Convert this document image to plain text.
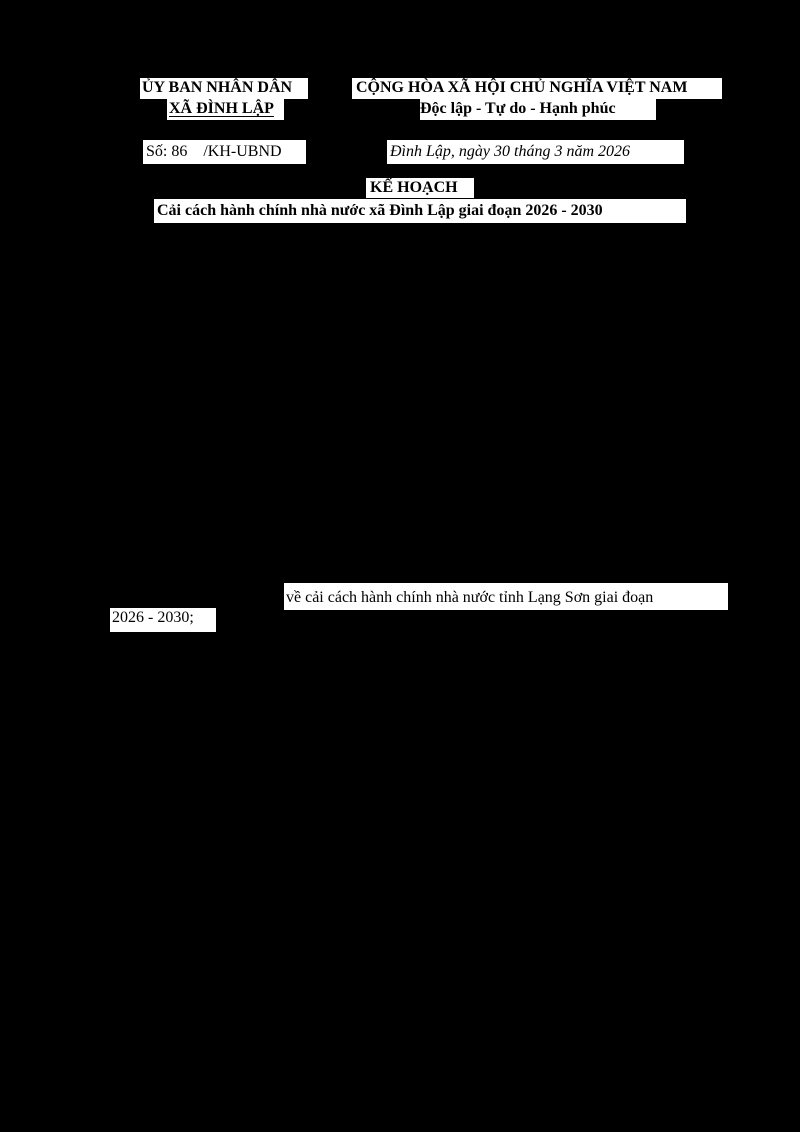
ỦY BAN NHÂN DÂN
XÃ ĐÌNH LẬP
CỘNG HÒA XÃ HỘI CHỦ NGHĨA VIỆT NAM
Độc lập - Tự do - Hạnh phúc
Số: 86 /KH-UBND	Đình Lập, ngày 30 tháng 3 năm 2026
KẾ HOẠCH
Cải cách hành chính nhà nước xã Đình Lập giai đoạn 2026 - 2030
về cải cách hành chính nhà nước tỉnh Lạng Sơn giai đoạn
2026 - 2030;
